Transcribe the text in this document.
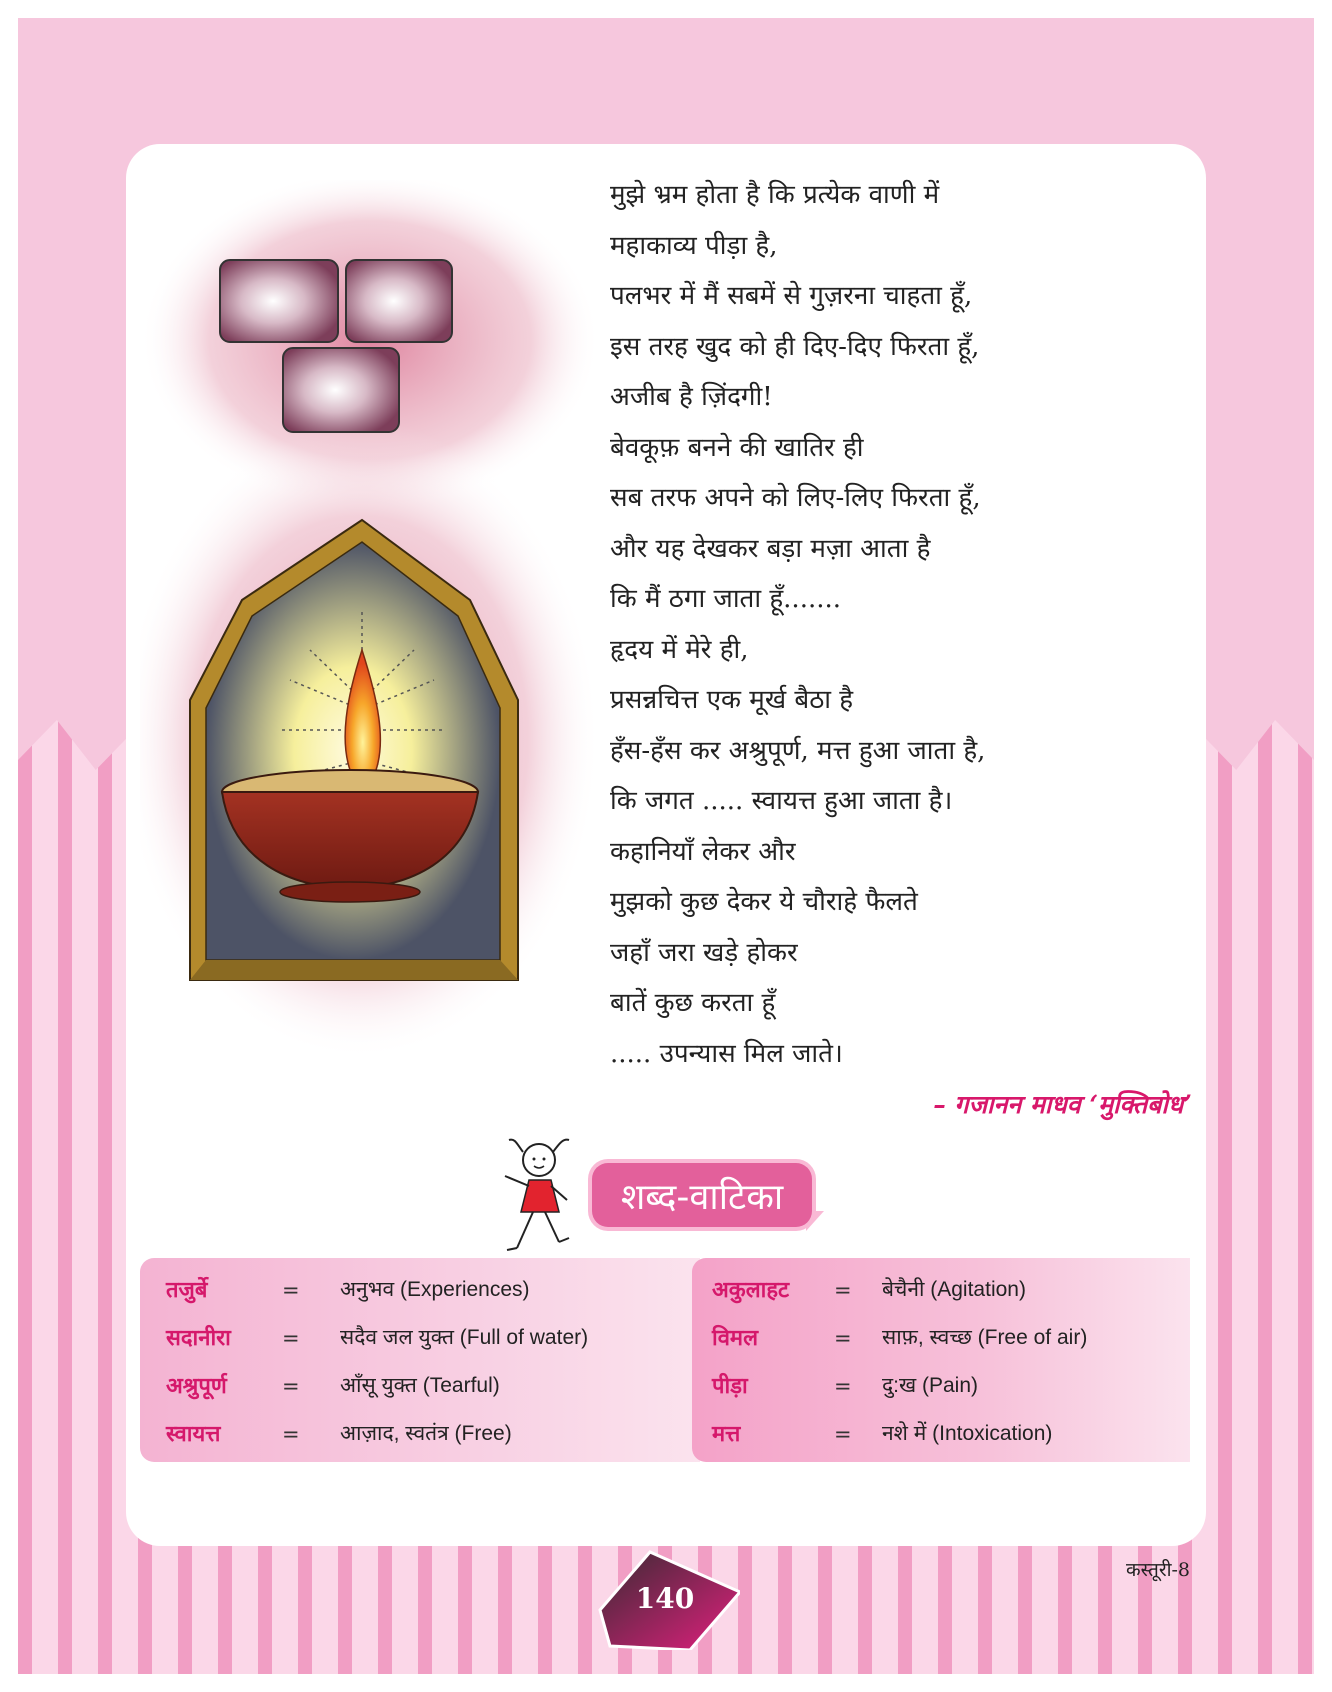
मुझे भ्रम होता है कि प्रत्येक वाणी में
महाकाव्य पीड़ा है,
पलभर में मैं सबमें से गुज़रना चाहता हूँ,
इस तरह खुद को ही दिए-दिए फिरता हूँ,
अजीब है ज़िंदगी!
बेवकूफ़ बनने की खातिर ही
सब तरफ अपने को लिए-लिए फिरता हूँ,
और यह देखकर बड़ा मज़ा आता है
कि मैं ठगा जाता हूँ.......
हृदय में मेरे ही,
प्रसन्नचित्त एक मूर्ख बैठा है
हँस-हँस कर अश्रुपूर्ण, मत्त हुआ जाता है,
कि जगत ..... स्वायत्त हुआ जाता है।
कहानियाँ लेकर और
मुझको कुछ देकर ये चौराहे फैलते
जहाँ जरा खड़े होकर
बातें कुछ करता हूँ
..... उपन्यास मिल जाते।
– गजानन माधव ‘मुक्तिबोध’
शब्द-वाटिका
तजुर्बे	= अनुभव (Experiences)
सदानीरा = सदैव जल युक्त (Full of water)
अश्रुपूर्ण	= आँसू युक्त (Tearful)
स्वायत्त	= आज़ाद, स्वतंत्र (Free)
अकुलाहट = बेचैनी (Agitation)
विमल	= साफ़, स्वच्छ (Free of air)
पीड़ा	= दु:ख (Pain)
मत्त	= नशे में (Intoxication)
कस्तूरी-8
140
